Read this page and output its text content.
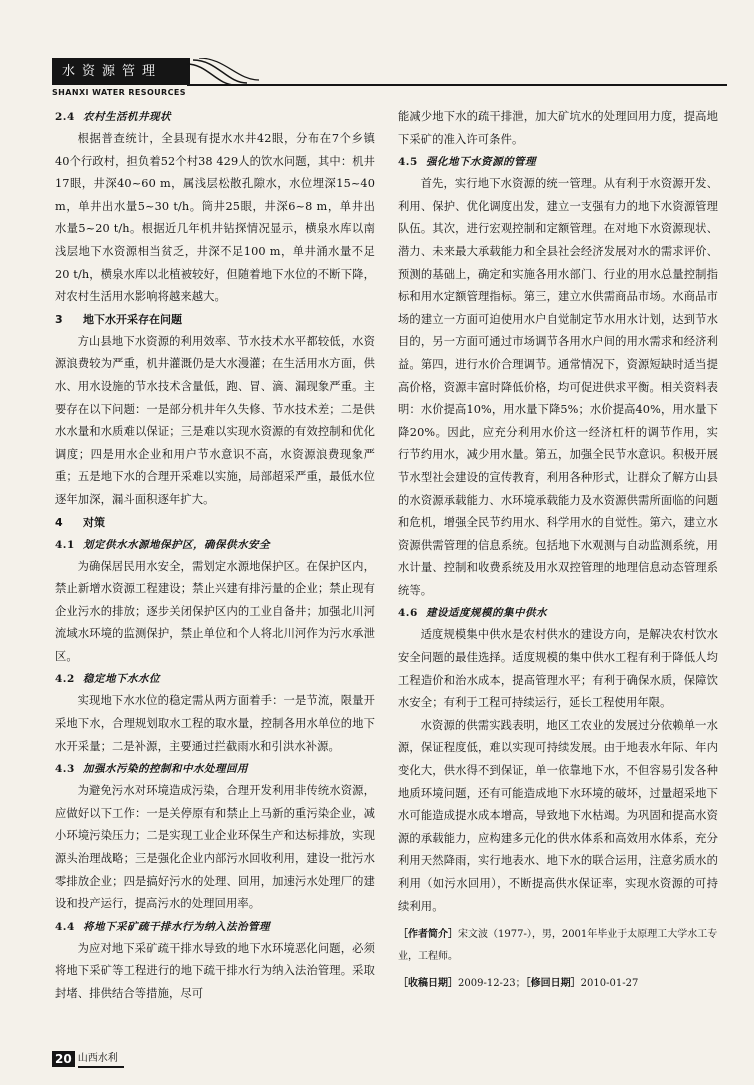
水资源管理
SHANXI WATER RESOURCES
2.4 农村生活机井现状

根据普查统计，全县现有提水水井42眼，分布在7个乡镇40个行政村，担负着52个村38 429人的饮水问题，其中：机井17眼，井深40~60 m，属浅层松散孔隙水，水位埋深15~40 m，单井出水量5~30 t/h。筒井25眼，井深6~8 m，单井出水量5~20 t/h。根据近几年机井钻探情况显示，横泉水库以南浅层地下水资源相当贫乏，井深不足100 m，单井涌水量不足20 t/h，横泉水库以北植被较好，但随着地下水位的不断下降，对农村生活用水影响将越来越大。

3 地下水开采存在问题

方山县地下水资源的利用效率、节水技术水平都较低，水资源浪费较为严重，机井灌溉仍是大水漫灌；在生活用水方面，供水、用水设施的节水技术含量低，跑、冒、滴、漏现象严重。主要存在以下问题：一是部分机井年久失修、节水技术差；二是供水水量和水质难以保证；三是难以实现水资源的有效控制和优化调度；四是用水企业和用户节水意识不高，水资源浪费现象严重；五是地下水的合理开采难以实施，局部超采严重，最低水位逐年加深，漏斗面积逐年扩大。

4 对策
4.1 划定供水水源地保护区，确保供水安全

为确保居民用水安全，需划定水源地保护区。在保护区内，禁止新增水资源工程建设；禁止兴建有排污量的企业；禁止现有企业污水的排放；逐步关闭保护区内的工业自备井；加强北川河流域水环境的监测保护，禁止单位和个人将北川河作为污水承泄区。

4.2 稳定地下水水位

实现地下水水位的稳定需从两方面着手：一是节流，限量开采地下水，合理规划取水工程的取水量，控制各用水单位的地下水开采量；二是补源，主要通过拦截雨水和引洪水补源。

4.3 加强水污染的控制和中水处理回用

为避免污水对环境造成污染，合理开发利用非传统水资源，应做好以下工作：一是关停原有和禁止上马新的重污染企业，减小环境污染压力；二是实现工业企业环保生产和达标排放，实现源头治理战略；三是强化企业内部污水回收利用，建设一批污水零排放企业；四是搞好污水的处理、回用，加速污水处理厂的建设和投产运行，提高污水的处理回用率。

4.4 将地下采矿疏干排水行为纳入法治管理

为应对地下采矿疏干排水导致的地下水环境恶化问题，必须将地下采矿等工程进行的地下疏干排水行为纳入法治管理。采取封堵、排供结合等措施，尽可

能减少地下水的疏干排泄，加大矿坑水的处理回用力度，提高地下采矿的准入许可条件。

4.5 强化地下水资源的管理

首先，实行地下水资源的统一管理。从有利于水资源开发、利用、保护、优化调度出发，建立一支强有力的地下水资源管理队伍。其次，进行宏观控制和定额管理。在对地下水资源现状、潜力、未来最大承载能力和全县社会经济发展对水的需求评价、预测的基础上，确定和实施各用水部门、行业的用水总量控制指标和用水定额管理指标。第三，建立水供需商品市场。水商品市场的建立一方面可迫使用水户自觉制定节水用水计划，达到节水目的，另一方面可通过市场调节各用水户间的用水需求和经济利益。第四，进行水价合理调节。通常情况下，资源短缺时适当提高价格，资源丰富时降低价格，均可促进供求平衡。相关资料表明：水价提高10%，用水量下降5%；水价提高40%，用水量下降20%。因此，应充分利用水价这一经济杠杆的调节作用，实行节约用水，减少用水量。第五，加强全民节水意识。积极开展节水型社会建设的宣传教育，利用各种形式，让群众了解方山县的水资源承载能力、水环境承载能力及水资源供需所面临的问题和危机，增强全民节约用水、科学用水的自觉性。第六，建立水资源供需管理的信息系统。包括地下水观测与自动监测系统，用水计量、控制和收费系统及用水双控管理的地理信息动态管理系统等。

4.6 建设适度规模的集中供水

适度规模集中供水是农村供水的建设方向，是解决农村饮水安全问题的最佳选择。适度规模的集中供水工程有利于降低人均工程造价和治水成本，提高管理水平；有利于确保水质，保障饮水安全；有利于工程可持续运行，延长工程使用年限。

水资源的供需实践表明，地区工农业的发展过分依赖单一水源，保证程度低，难以实现可持续发展。由于地表水年际、年内变化大，供水得不到保证，单一依靠地下水，不但容易引发各种地质环境问题，还有可能造成地下水环境的破坏，过量超采地下水可能造成提水成本增高，导致地下水枯竭。为巩固和提高水资源的承载能力，应构建多元化的供水体系和高效用水体系，充分利用天然降雨，实行地表水、地下水的联合运用，注意劣质水的利用（如污水回用），不断提高供水保证率，实现水资源的可持续利用。

［作者简介］宋文波（1977-），男，2001年毕业于太原理工大学水工专业，工程师。

［收稿日期］2009-12-23；［修回日期］2010-01-27

20 山西水利
